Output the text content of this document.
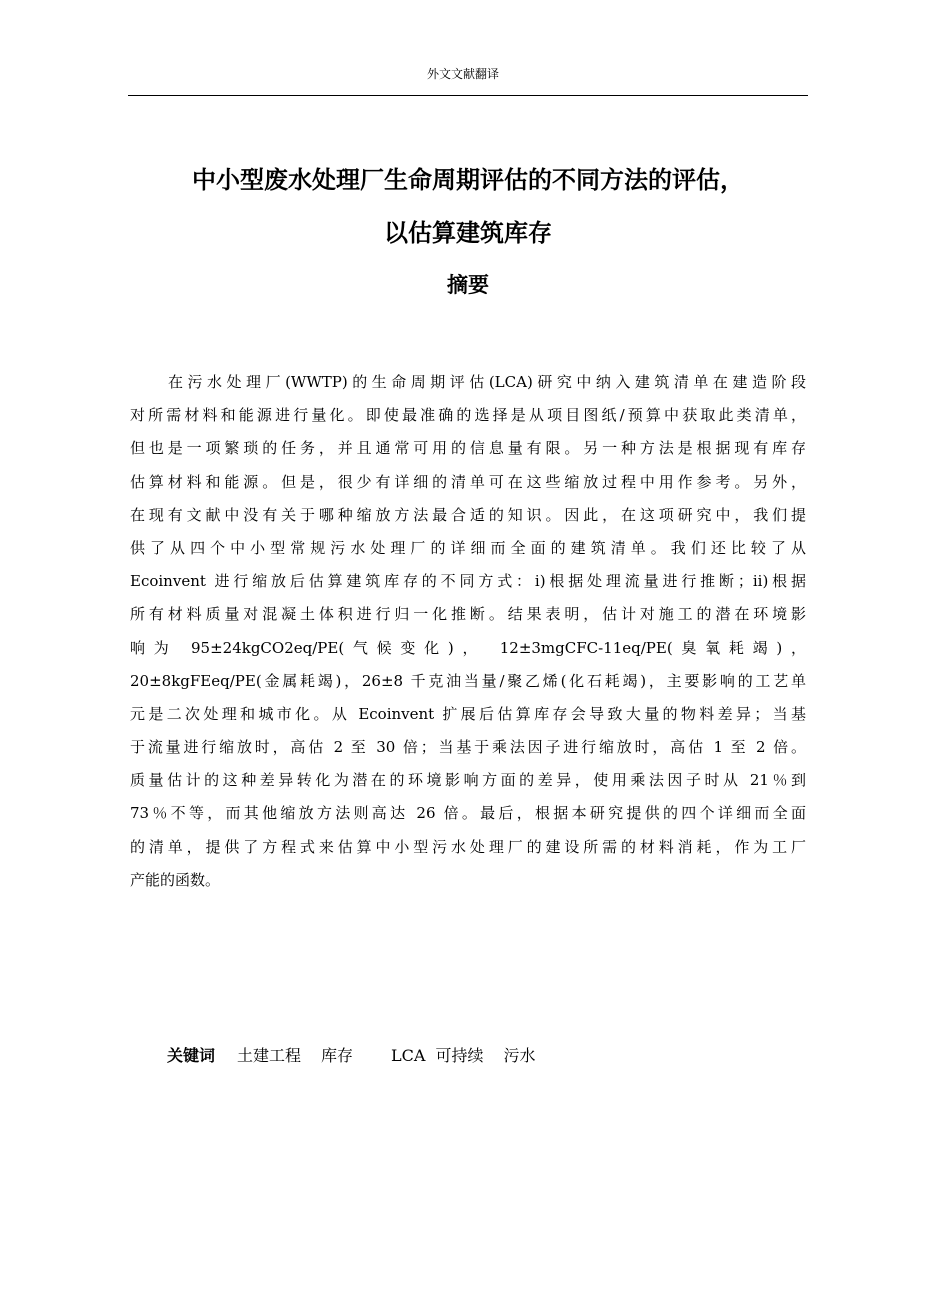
外文文献翻译
中小型废水处理厂生命周期评估的不同方法的评估，
以估算建筑库存
摘要
在污水处理厂(WWTP)的生命周期评估(LCA)研究中纳入建筑清单在建造阶段
对所需材料和能源进行量化。即使最准确的选择是从项目图纸/预算中获取此类清单，
但也是一项繁琐的任务，并且通常可用的信息量有限。另一种方法是根据现有库存
估算材料和能源。但是，很少有详细的清单可在这些缩放过程中用作参考。另外，
在现有文献中没有关于哪种缩放方法最合适的知识。因此，在这项研究中，我们提
供了从四个中小型常规污水处理厂的详细而全面的建筑清单。我们还比较了从
Ecoinvent 进行缩放后估算建筑库存的不同方式：i)根据处理流量进行推断；ii)根据
所有材料质量对混凝土体积进行归一化推断。结果表明，估计对施工的潜在环境影
响为 95±24kgCO2eq/PE(气候变化)， 12±3mgCFC-11eq/PE(臭氧耗竭)，
20±8kgFEeq/PE(金属耗竭)，26±8 千克油当量/聚乙烯(化石耗竭)，主要影响的工艺单
元是二次处理和城市化。从 Ecoinvent 扩展后估算库存会导致大量的物料差异；当基
于流量进行缩放时，高估 2 至 30 倍；当基于乘法因子进行缩放时，高估 1 至 2 倍。
质量估计的这种差异转化为潜在的环境影响方面的差异，使用乘法因子时从 21％到
73％不等，而其他缩放方法则高达 26 倍。最后，根据本研究提供的四个详细而全面
的清单，提供了方程式来估算中小型污水处理厂的建设所需的材料消耗，作为工厂
产能的函数。
关键词 土建工程 库存 LCA 可持续 污水
